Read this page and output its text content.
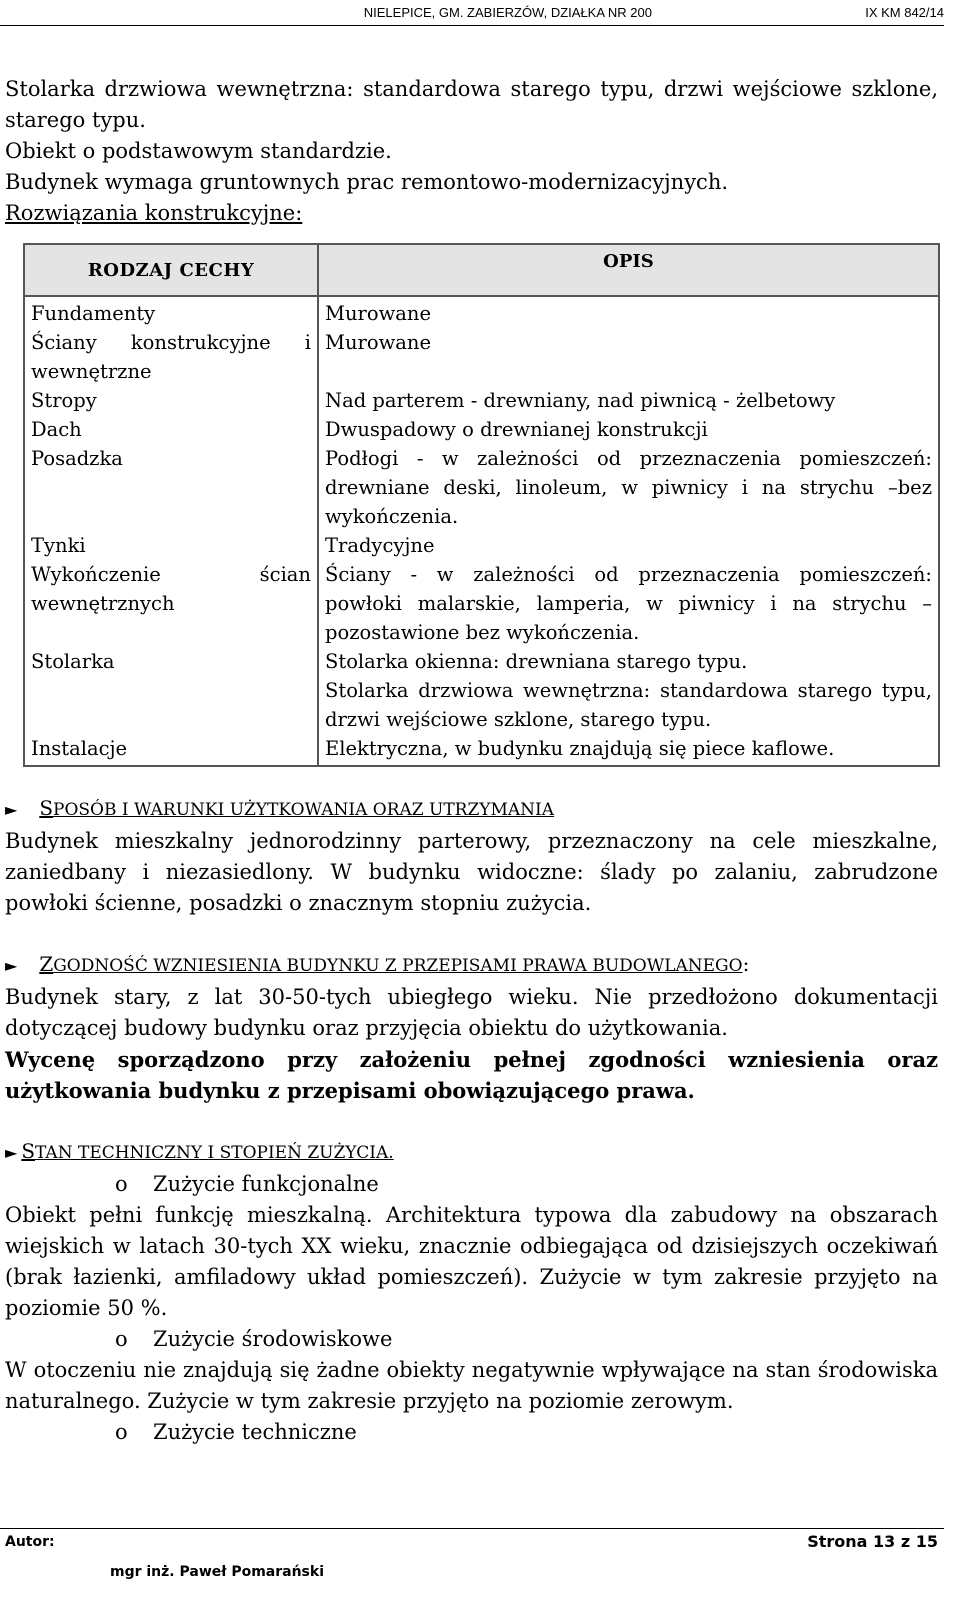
NIELEPICE, GM. ZABIERZÓW, DZIAŁKA NR 200	IX KM 842/14

Stolarka drzwiowa wewnętrzna: standardowa starego typu, drzwi wejściowe szklone, starego typu.

Obiekt o podstawowym standardzie.

Budynek wymaga gruntownych prac remontowo-modernizacyjnych.

Rozwiązania konstrukcyjne:

RODZAJ CECHY	OPIS
Fundamenty	Murowane
Ściany konstrukcyjne i wewnętrzne	Murowane
Stropy	Nad parterem - drewniany, nad piwnicą - żelbetowy
Dach	Dwuspadowy o drewnianej konstrukcji
Posadzka	Podłogi - w zależności od przeznaczenia pomieszczeń: drewniane deski, linoleum, w piwnicy i na strychu –bez wykończenia.
Tynki	Tradycyjne
Wykończenie ścian wewnętrznych	Ściany - w zależności od przeznaczenia pomieszczeń: powłoki malarskie, lamperia, w piwnicy i na strychu – pozostawione bez wykończenia.
Stolarka	Stolarka okienna: drewniana starego typu.
Stolarka drzwiowa wewnętrzna: standardowa starego typu, drzwi wejściowe szklone, starego typu.

Instalacje	Elektryczna, w budynku znajdują się piece kaflowe.
► SPOSÓB I WARUNKI UŻYTKOWANIA ORAZ UTRZYMANIA

Budynek mieszkalny jednorodzinny parterowy, przeznaczony na cele mieszkalne, zaniedbany i niezasiedlony. W budynku widoczne: ślady po zalaniu, zabrudzone powłoki ścienne, posadzki o znacznym stopniu zużycia.

► ZGODNOŚĆ WZNIESIENIA BUDYNKU Z PRZEPISAMI PRAWA BUDOWLANEGO:

Budynek stary, z lat 30-50-tych ubiegłego wieku. Nie przedłożono dokumentacji dotyczącej budowy budynku oraz przyjęcia obiektu do użytkowania.

Wycenę sporządzono przy założeniu pełnej zgodności wzniesienia oraz użytkowania budynku z przepisami obowiązującego prawa.

► STAN TECHNICZNY I STOPIEŃ ZUŻYCIA.
o Zużycie funkcjonalne

Obiekt pełni funkcję mieszkalną. Architektura typowa dla zabudowy na obszarach wiejskich w latach 30-tych XX wieku, znacznie odbiegająca od dzisiejszych oczekiwań (brak łazienki, amfiladowy układ pomieszczeń). Zużycie w tym zakresie przyjęto na poziomie 50 %.

o Zużycie środowiskowe

W otoczeniu nie znajdują się żadne obiekty negatywnie wpływające na stan środowiska naturalnego. Zużycie w tym zakresie przyjęto na poziomie zerowym.

o Zużycie techniczne
Autor:
mgr inż. Paweł Pomarański
Strona 13 z 15
